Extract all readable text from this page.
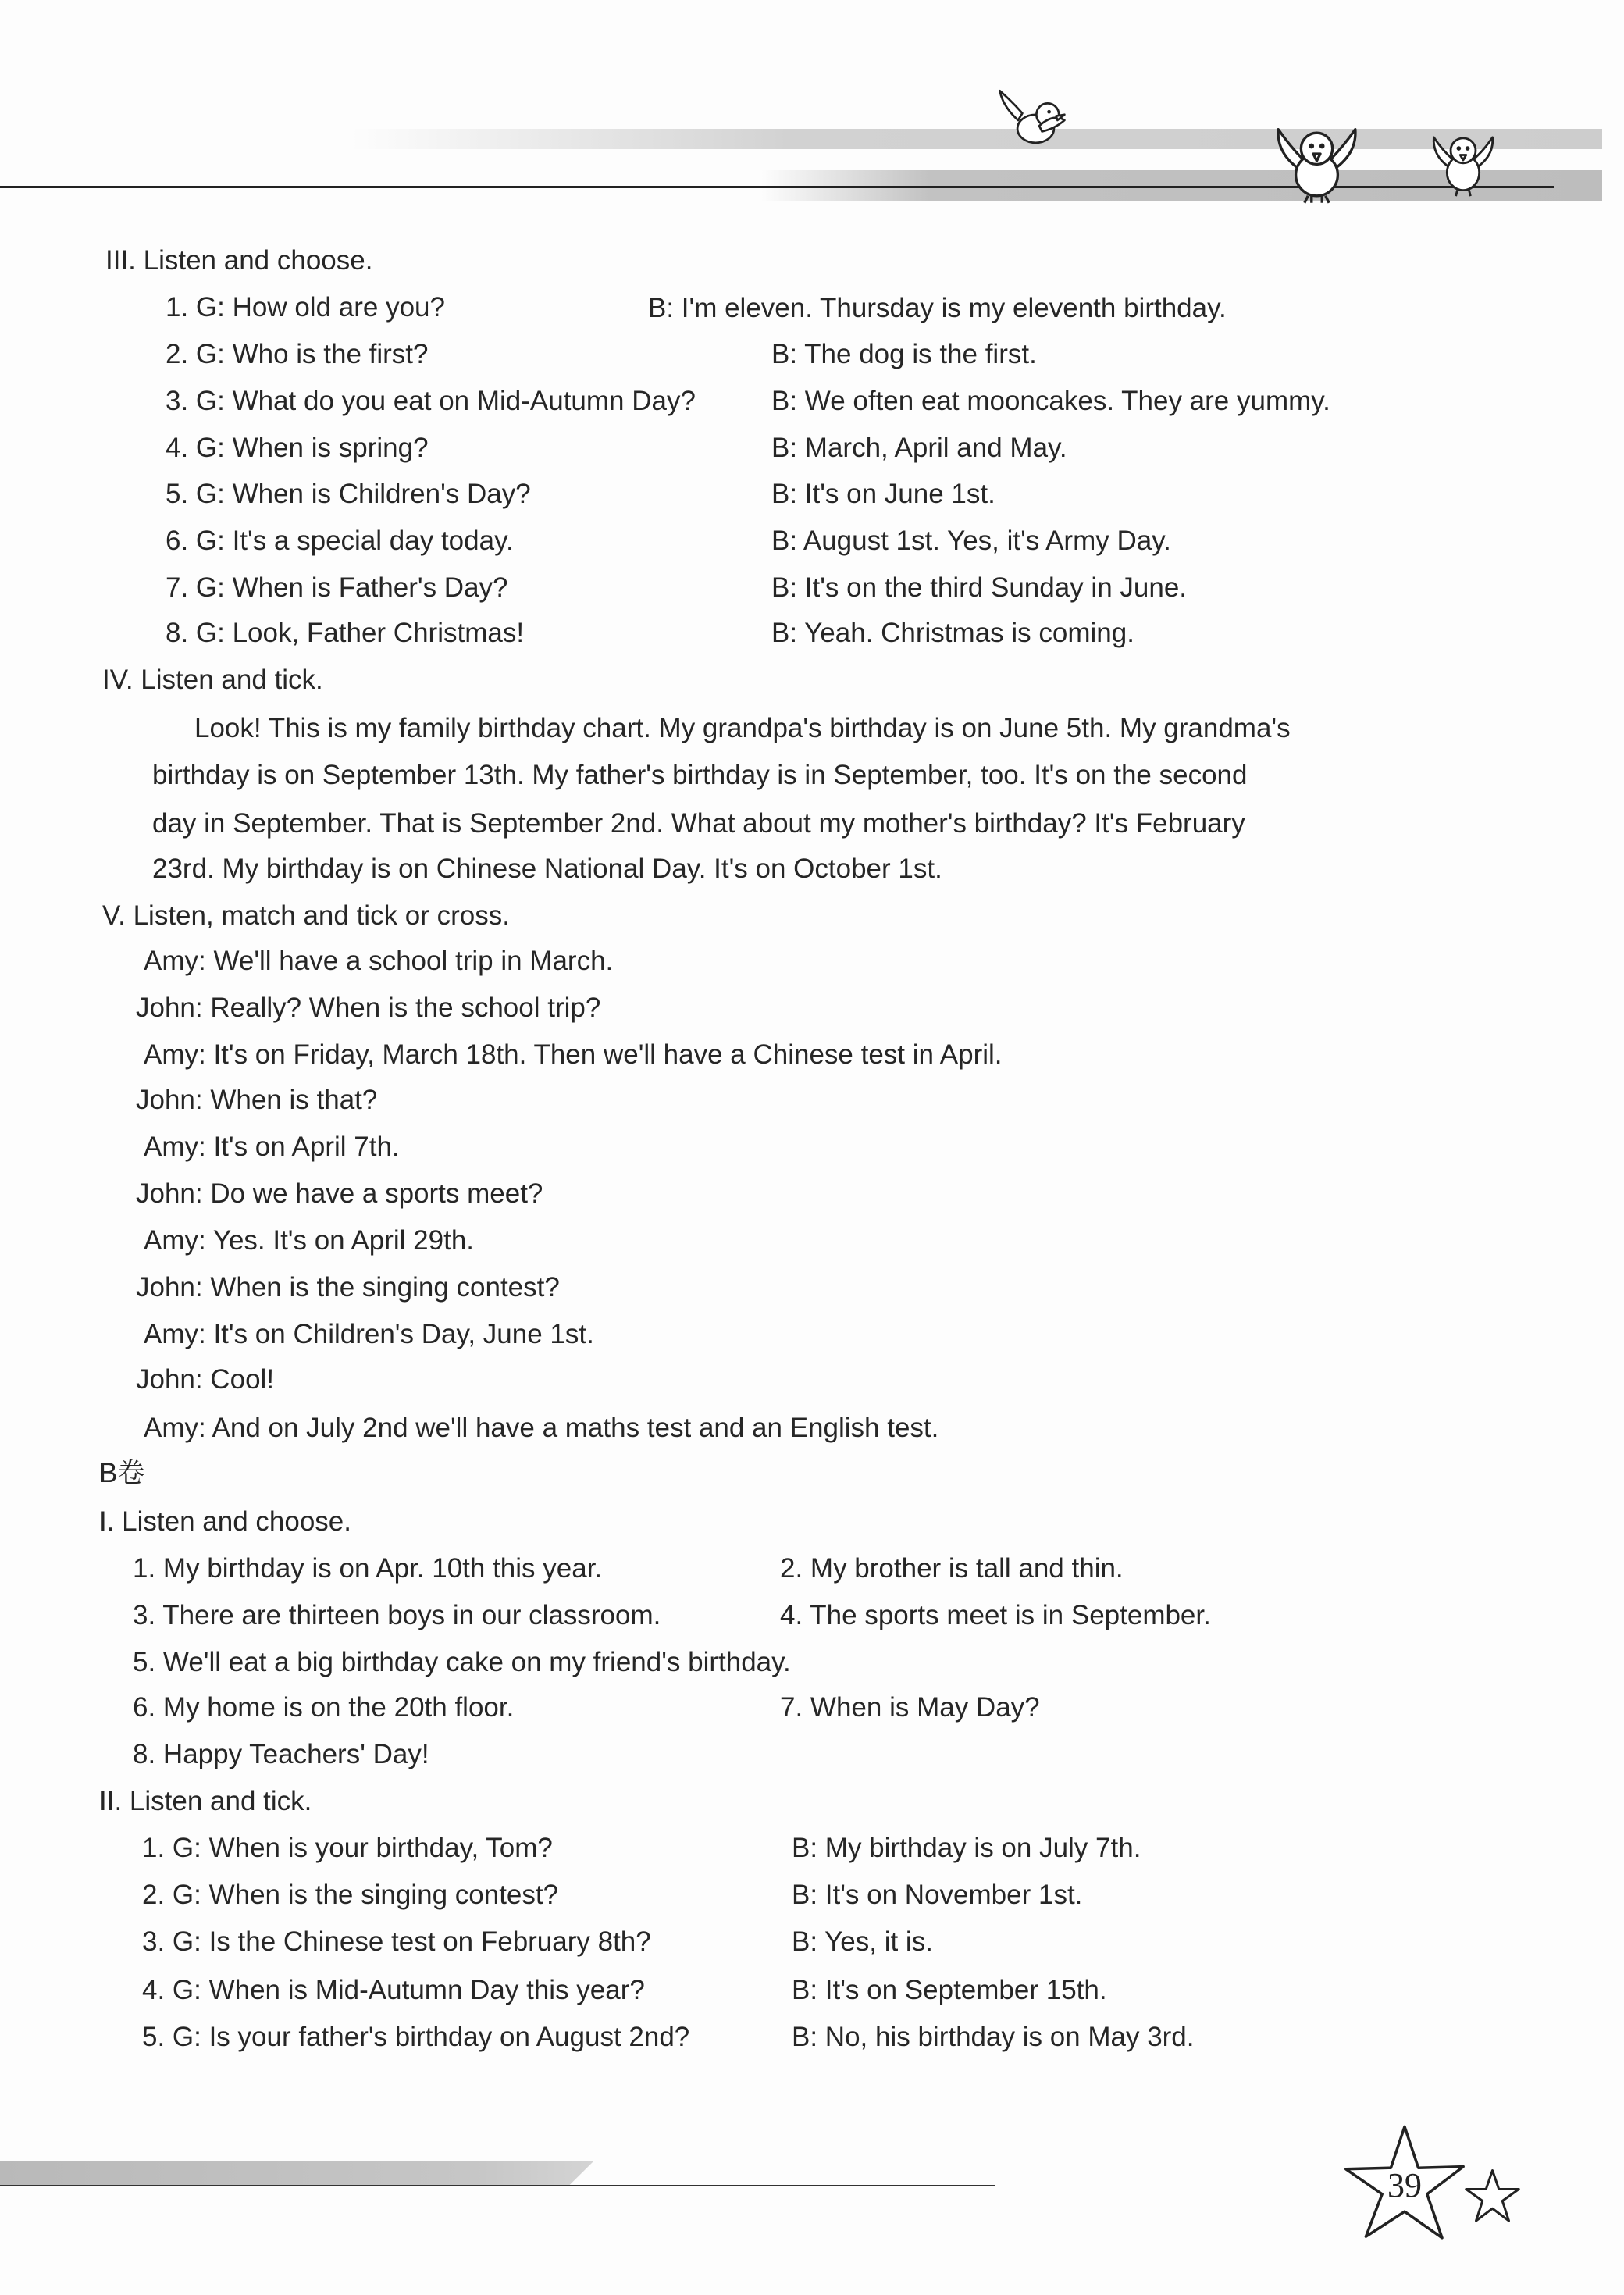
III. Listen and choose.
1. G: How old are you?	B: I'm eleven. Thursday is my eleventh birthday.
2. G: Who is the first?	B: The dog is the first.
3. G: What do you eat on Mid-Autumn Day?	B: We often eat mooncakes. They are yummy.
4. G: When is spring?	B: March, April and May.
5. G: When is Children's Day?	B: It's on June 1st.
6. G: It's a special day today.	B: August 1st. Yes, it's Army Day.
7. G: When is Father's Day?	B: It's on the third Sunday in June.
8. G: Look, Father Christmas!	B: Yeah. Christmas is coming.
IV. Listen and tick.
Look! This is my family birthday chart. My grandpa's birthday is on June 5th. My grandma's
birthday is on September 13th. My father's birthday is in September, too. It's on the second
day in September. That is September 2nd. What about my mother's birthday? It's February
23rd. My birthday is on Chinese National Day. It's on October 1st.
V. Listen, match and tick or cross.
Amy: We'll have a school trip in March.
John: Really? When is the school trip?
Amy: It's on Friday, March 18th. Then we'll have a Chinese test in April.
John: When is that?
Amy: It's on April 7th.
John: Do we have a sports meet?
Amy: Yes. It's on April 29th.
John: When is the singing contest?
Amy: It's on Children's Day, June 1st.
John: Cool!
Amy: And on July 2nd we'll have a maths test and an English test.
B卷
I. Listen and choose.
1. My birthday is on Apr. 10th this year.	2. My brother is tall and thin.
3. There are thirteen boys in our classroom.	4. The sports meet is in September.
5. We'll eat a big birthday cake on my friend's birthday.
6. My home is on the 20th floor.	7. When is May Day?
8. Happy Teachers' Day!
II. Listen and tick.
1. G: When is your birthday, Tom?	B: My birthday is on July 7th.
2. G: When is the singing contest?	B: It's on November 1st.
3. G: Is the Chinese test on February 8th?	B: Yes, it is.
4. G: When is Mid-Autumn Day this year?	B: It's on September 15th.
5. G: Is your father's birthday on August 2nd?	B: No, his birthday is on May 3rd.
39
